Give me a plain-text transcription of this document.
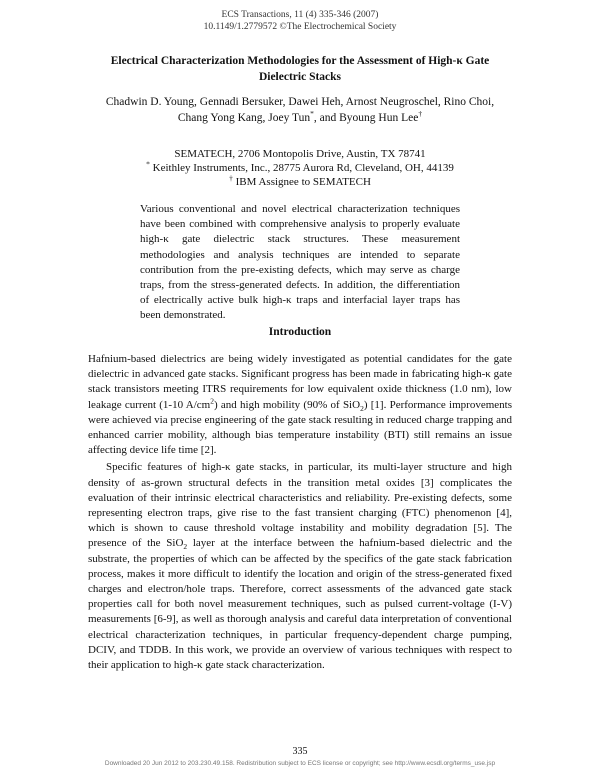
ECS Transactions, 11 (4) 335-346 (2007)
10.1149/1.2779572 ©The Electrochemical Society
Electrical Characterization Methodologies for the Assessment of High-κ Gate
Dielectric Stacks
Chadwin D. Young, Gennadi Bersuker, Dawei Heh, Arnost Neugroschel, Rino Choi,
Chang Yong Kang, Joey Tun*, and Byoung Hun Lee†
SEMATECH, 2706 Montopolis Drive, Austin, TX 78741
* Keithley Instruments, Inc., 28775 Aurora Rd, Cleveland, OH, 44139
† IBM Assignee to SEMATECH
Various conventional and novel electrical characterization techniques have been combined with comprehensive analysis to properly evaluate high-κ gate dielectric stack structures. These measurement methodologies and analysis techniques are intended to separate contribution from the pre-existing defects, which may serve as charge traps, from the stress-generated defects. In addition, the differentiation of electrically active bulk high-κ traps and interfacial layer traps has been demonstrated.
Introduction

Hafnium-based dielectrics are being widely investigated as potential candidates for the gate dielectric in advanced gate stacks. Significant progress has been made in fabricating high-κ gate stack transistors meeting ITRS requirements for low equivalent oxide thickness (1.0 nm), low leakage current (1-10 $A/cm^2$) and high mobility (90% of SiO$_2$) [1]. Performance improvements were achieved via precise engineering of the gate stack resulting in reduced charge trapping and enhanced carrier mobility, although bias temperature instability (BTI) still remains an issue affecting device life time [2].

Specific features of high-κ gate stacks, in particular, its multi-layer structure and high density of as-grown structural defects in the transition metal oxides [3] complicates the evaluation of their intrinsic electrical characteristics and reliability. Pre-existing defects, some representing electron traps, give rise to the fast transient charging (FTC) phenomenon [4], which is shown to cause threshold voltage instability and mobility degradation [5]. The presence of the SiO$_2$ layer at the interface between the hafnium-based dielectric and the substrate, the properties of which can be affected by the specifics of the gate stack fabrication process, makes it more difficult to identify the location and origin of the stress-generated fixed charges and electron/hole traps. Therefore, correct assessments of the advanced gate stack properties call for both novel measurement techniques, such as pulsed current-voltage (I-V) measurements [6-9], as well as thorough analysis and careful data interpretation of conventional electrical characterization techniques, in particular frequency-dependent charge pumping, DCIV, and TDDB. In this work, we provide an overview of various techniques with respect to their application to high-κ gate stack characterization.

335
Downloaded 20 Jun 2012 to 203.230.49.158. Redistribution subject to ECS license or copyright; see http://www.ecsdl.org/terms_use.jsp
